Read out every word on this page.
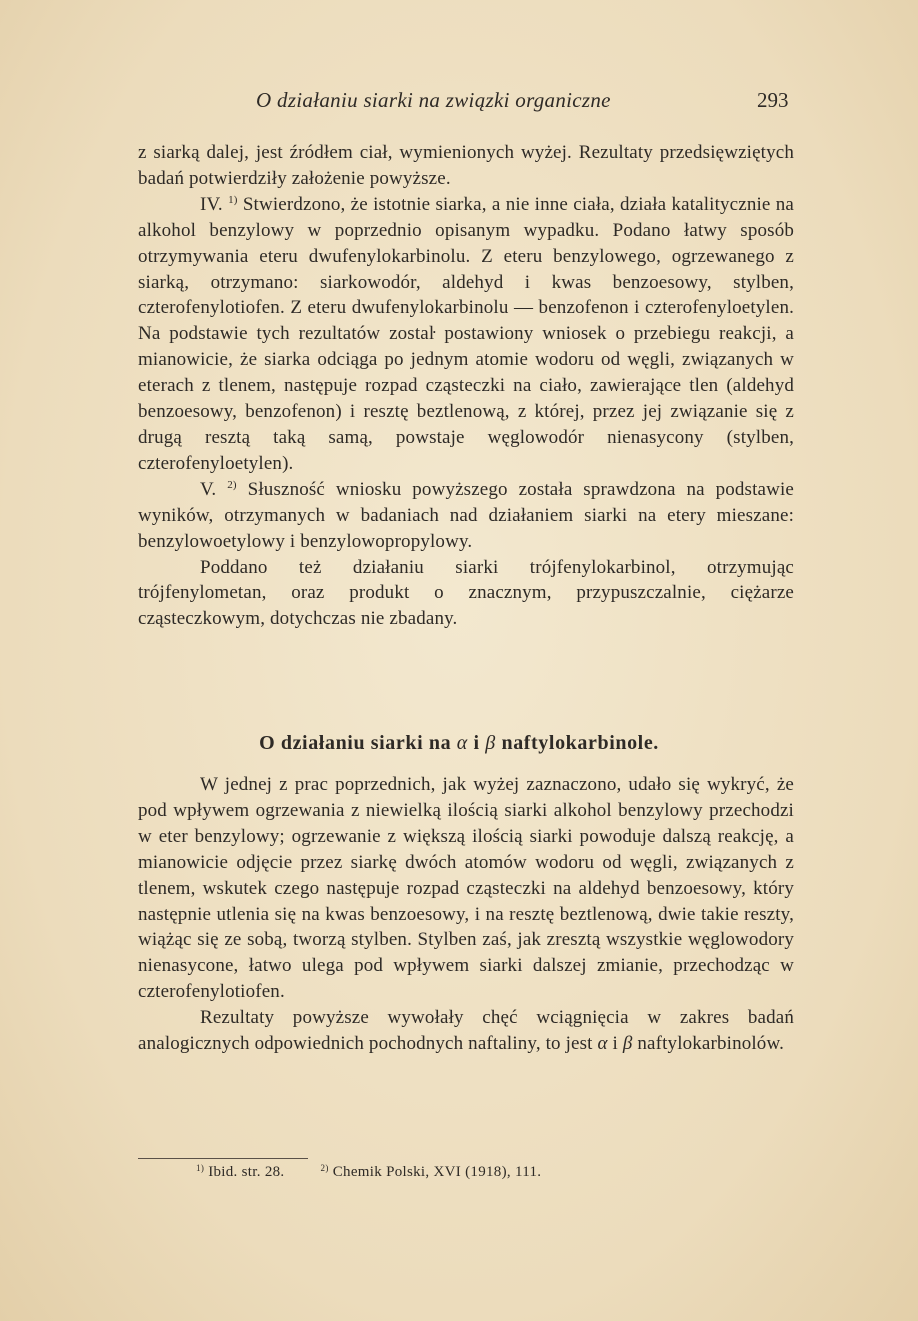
O działaniu siarki na związki organiczne	293

z siarką dalej, jest źródłem ciał, wymienionych wyżej. Rezultaty przedsięwziętych badań potwierdziły założenie powyższe.

IV. $^{1)}$ Stwierdzono, że istotnie siarka, a nie inne ciała, działa katalitycznie na alkohol benzylowy w poprzednio opisanym wypadku. Podano łatwy sposób otrzymywania eteru dwufenylokarbinolu. Z eteru benzylowego, ogrzewanego z siarką, otrzymano: siarkowodór, aldehyd i kwas benzoesowy, stylben, czterofenylotiofen. Z eteru dwufenylokarbinolu — benzofenon i czterofenyloetylen. Na podstawie tych rezultatów zostaŀ postawiony wniosek o przebiegu reakcji, a mianowicie, że siarka odciąga po jednym atomie wodoru od węgli, związanych w eterach z tlenem, następuje rozpad cząsteczki na ciało, zawierające tlen (aldehyd benzoesowy, benzofenon) i resztę beztlenową, z której, przez jej związanie się z drugą resztą taką samą, powstaje węglowodór nienasycony (stylben, czterofenyloetylen).

V. $^{2)}$ Słuszność wniosku powyższego została sprawdzona na podstawie wyników, otrzymanych w badaniach nad działaniem siarki na etery mieszane: benzylowoetylowy i benzylowopropylowy.

Poddano też działaniu siarki trójfenylokarbinol, otrzymując trójfenylometan, oraz produkt o znacznym, przypuszczalnie, ciężarze cząsteczkowym, dotychczas nie zbadany.

O działaniu siarki na α i β naftylokarbinole.

W jednej z prac poprzednich, jak wyżej zaznaczono, udało się wykryć, że pod wpływem ogrzewania z niewielką ilością siarki alkohol benzylowy przechodzi w eter benzylowy; ogrzewanie z większą ilością siarki powoduje dalszą reakcję, a mianowicie odjęcie przez siarkę dwóch atomów wodoru od węgli, związanych z tlenem, wskutek czego następuje rozpad cząsteczki na aldehyd benzoesowy, który następnie utlenia się na kwas benzoesowy, i na resztę beztlenową, dwie takie reszty, wiążąc się ze sobą, tworzą stylben. Stylben zaś, jak zresztą wszystkie węglowodory nienasycone, łatwo ulega pod wpływem siarki dalszej zmianie, przechodząc w czterofenylotiofen.

Rezultaty powyższe wywołały chęć wciągnięcia w zakres badań analogicznych odpowiednich pochodnych naftaliny, to jest α i β naftylokarbinolów.

$^{1)}$ Ibid. str. 28.	$^{2)}$ Chemik Polski, XVI (1918), 111.
